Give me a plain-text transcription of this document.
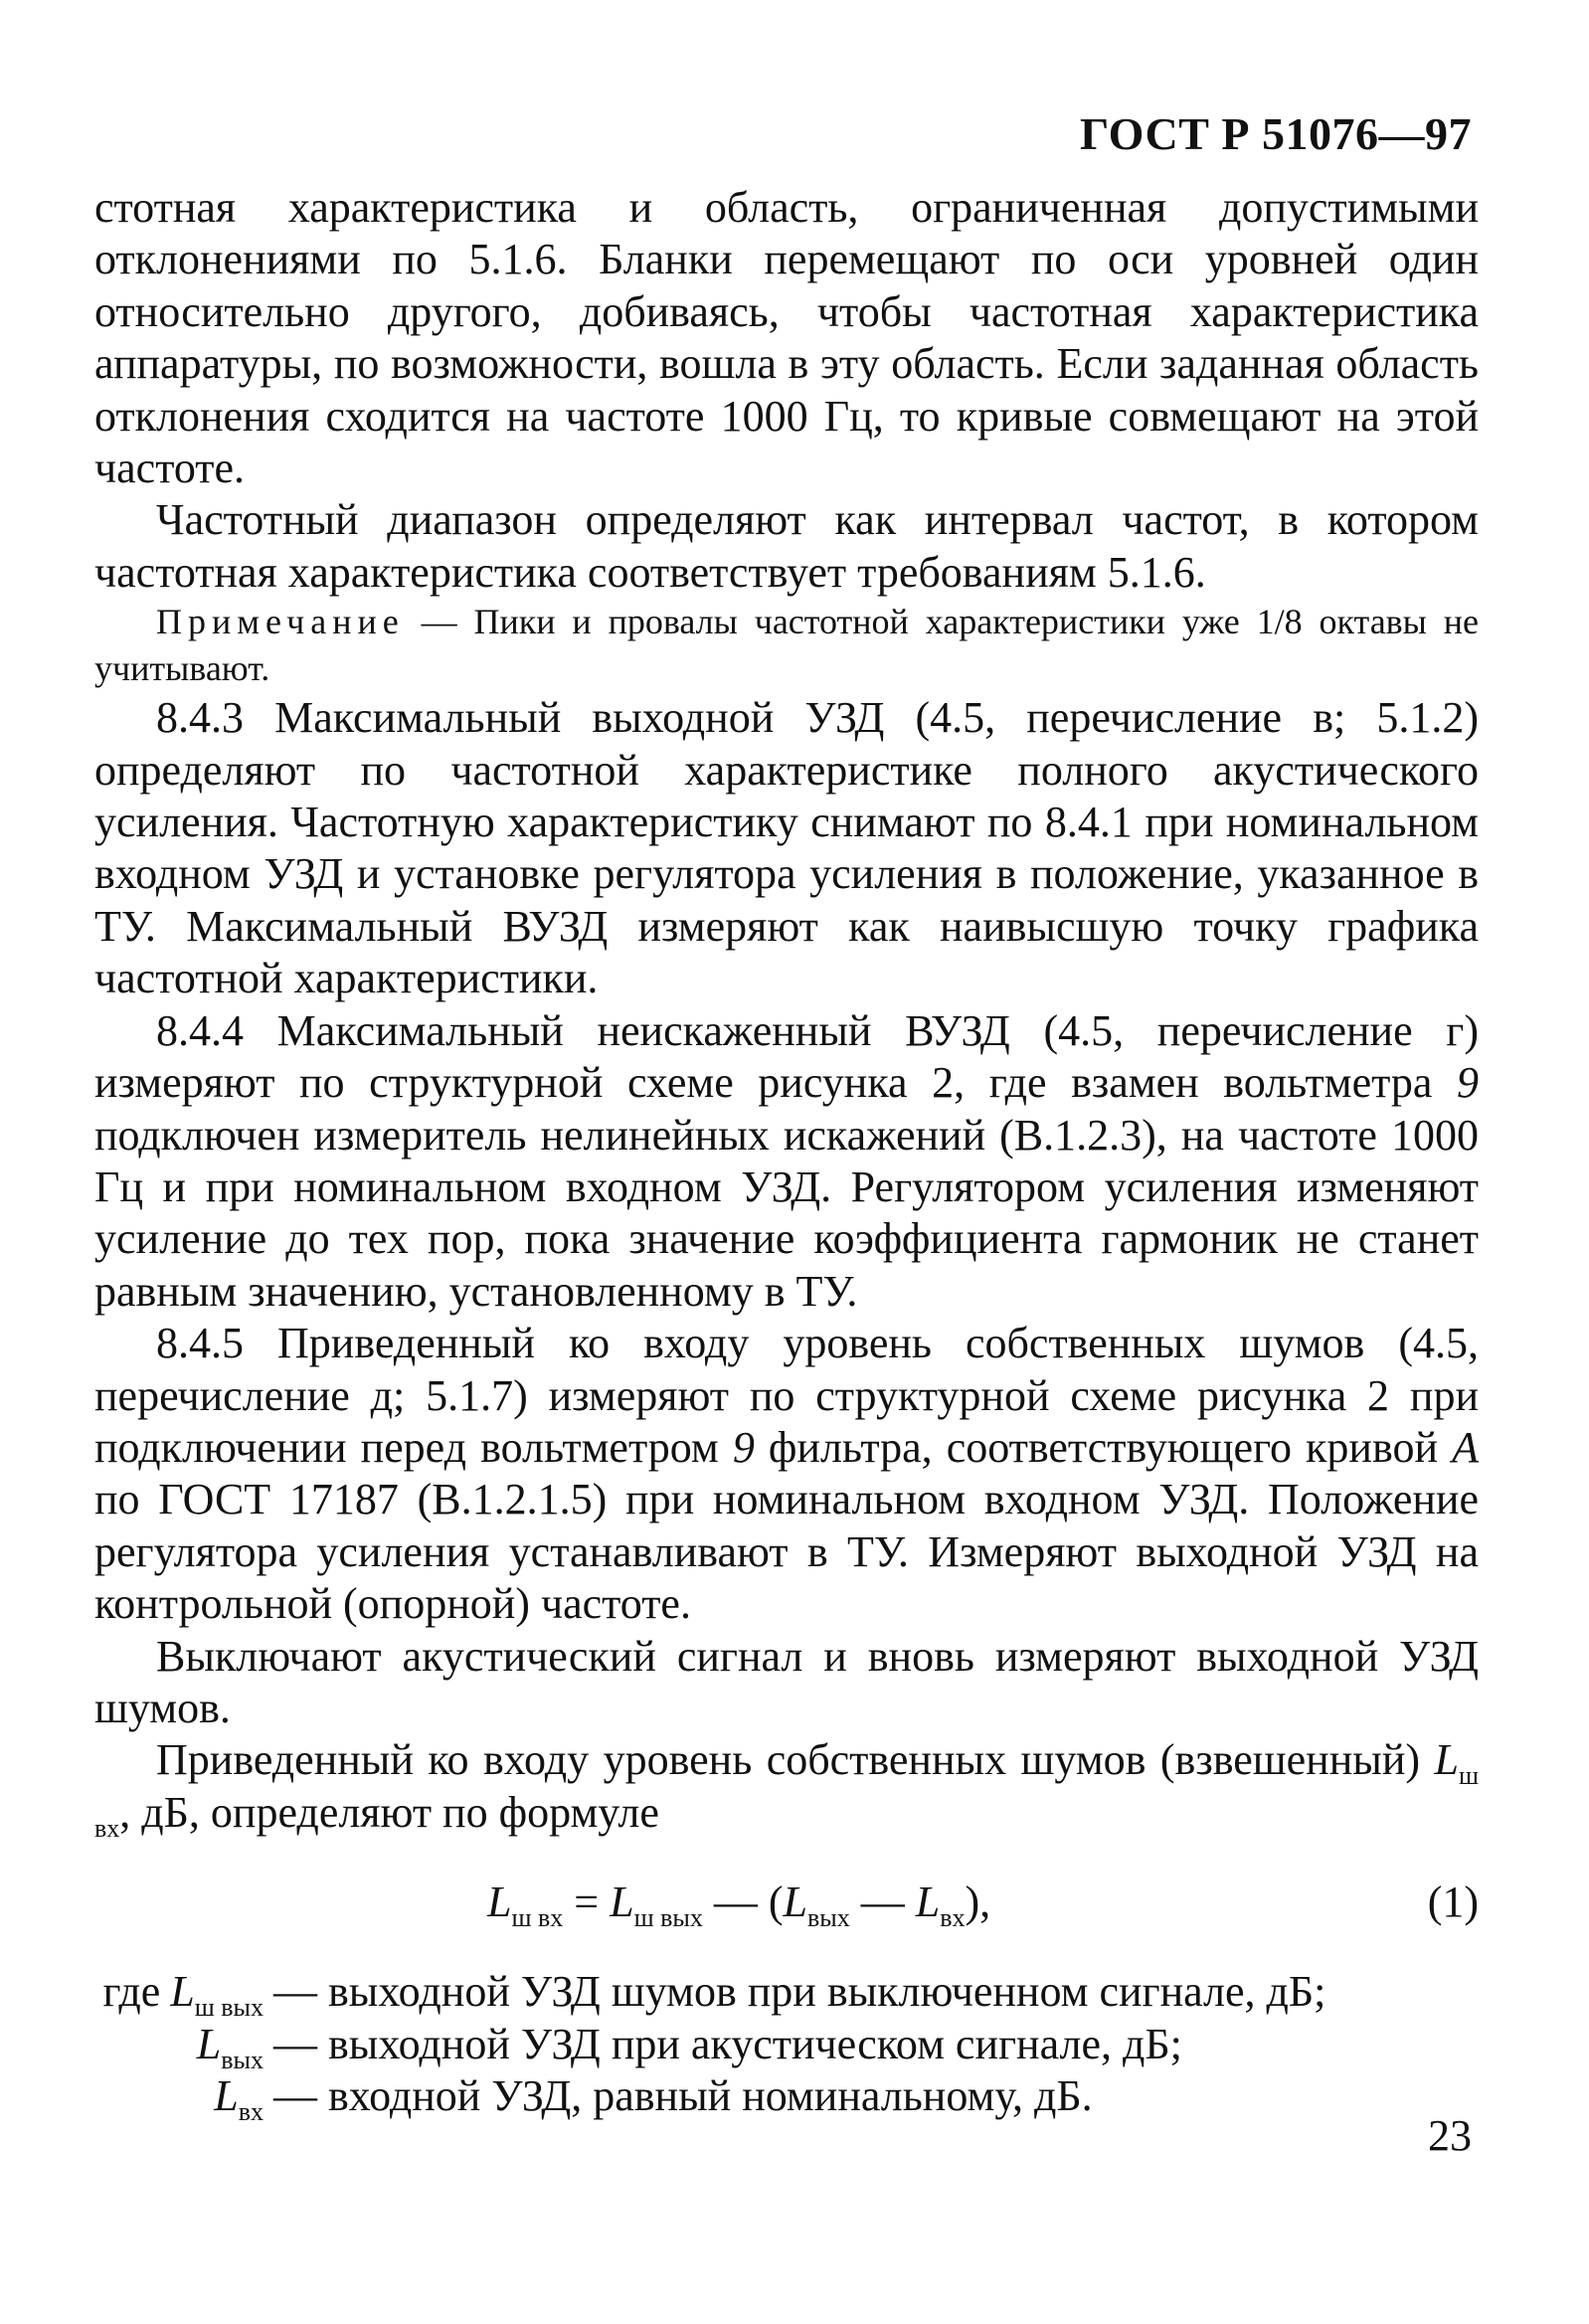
ГОСТ Р 51076—97

стотная характеристика и область, ограниченная допустимыми отклонениями по 5.1.6. Бланки перемещают по оси уровней один относительно другого, добиваясь, чтобы частотная характеристика аппаратуры, по возможности, вошла в эту область. Если заданная область отклонения сходится на частоте 1000 Гц, то кривые совмещают на этой частоте.

Частотный диапазон определяют как интервал частот, в котором частотная характеристика соответствует требованиям 5.1.6.

Примечание — Пики и провалы частотной характеристики уже 1/8 октавы не учитывают.

8.4.3 Максимальный выходной УЗД (4.5, перечисление в; 5.1.2) определяют по частотной характеристике полного акустического усиления. Частотную характеристику снимают по 8.4.1 при номинальном входном УЗД и установке регулятора усиления в положение, указанное в ТУ. Максимальный ВУЗД измеряют как наивысшую точку графика частотной характеристики.

8.4.4 Максимальный неискаженный ВУЗД (4.5, перечисление г) измеряют по структурной схеме рисунка 2, где взамен вольтметра 9 подключен измеритель нелинейных искажений (В.1.2.3), на частоте 1000 Гц и при номинальном входном УЗД. Регулятором усиления изменяют усиление до тех пор, пока значение коэффициента гармоник не станет равным значению, установленному в ТУ.

8.4.5 Приведенный ко входу уровень собственных шумов (4.5, перечисление д; 5.1.7) измеряют по структурной схеме рисунка 2 при подключении перед вольтметром 9 фильтра, соответствующего кривой A по ГОСТ 17187 (В.1.2.1.5) при номинальном входном УЗД. Положение регулятора усиления устанавливают в ТУ. Измеряют выходной УЗД на контрольной (опорной) частоте.

Выключают акустический сигнал и вновь измеряют выходной УЗД шумов.

Приведенный ко входу уровень собственных шумов (взвешенный) $L_{ш вх}$, дБ, определяют по формуле

$L_{ш вх} = L_{ш вых}$ — ($L_{вых}$ — $L_{вх}$),	(1)
где $L_{ш вых}$ — выходной УЗД шумов при выключенном сигнале, дБ;
$L_{вых}$ — выходной УЗД при акустическом сигнале, дБ;
$L_{вх}$ — входной УЗД, равный номинальному, дБ.
23
